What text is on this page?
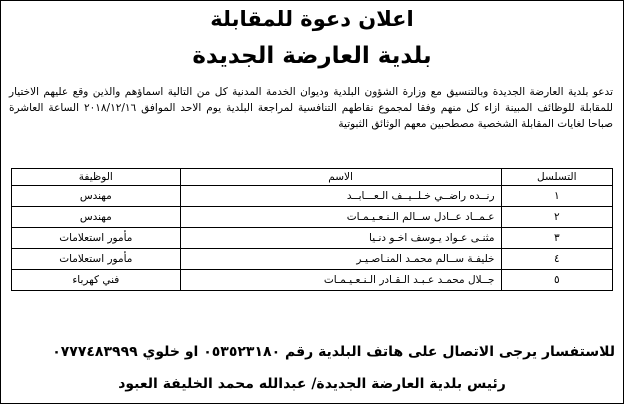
اعلان دعوة للمقابلة
بلدية العارضة الجديدة
تدعو بلدية العارضة الجديدة وبالتنسيق مع وزارة الشؤون البلدية وديوان الخدمة المدنية كل من التالية اسماؤهم والذين وقع عليهم الاختيار للمقابلة للوظائف المبينة ازاء كل منهم وفقا لمجموع نقاطهم التنافسية لمراجعة البلدية يوم الاحد الموافق ٢٠١٨/١٢/١٦ الساعة العاشرة صباحا لغايات المقابلة الشخصية مصطحبين معهم الوثائق الثبوتية
التسلسل	الاسم	الوظيفة
١	رنــده راضــي خـلــيــف الـعـــابــد	مهندس
٢	عـمــاد عــادل ســالم الـنـعـيـمـات	مهندس
٣	مثنـى عـواد يـوسف اخـو دنـيا	مأمور استعلامات
٤	خليفـة ســالم محمـد المنـاصـيـر	مأمور استعلامات
٥	جــلال محمـد عـبـد الـقـادر الـنـعـيـمـات	فني كهرباء
للاستفسار يرجى الاتصال على هاتف البلدية رقم ٠٥٣٥٢٣١٨٠ او خلوي ٠٧٧٧٤٨٣٩٩٩
رئيس بلدية العارضة الجديدة/ عبدالله محمد الخليفة العبود
